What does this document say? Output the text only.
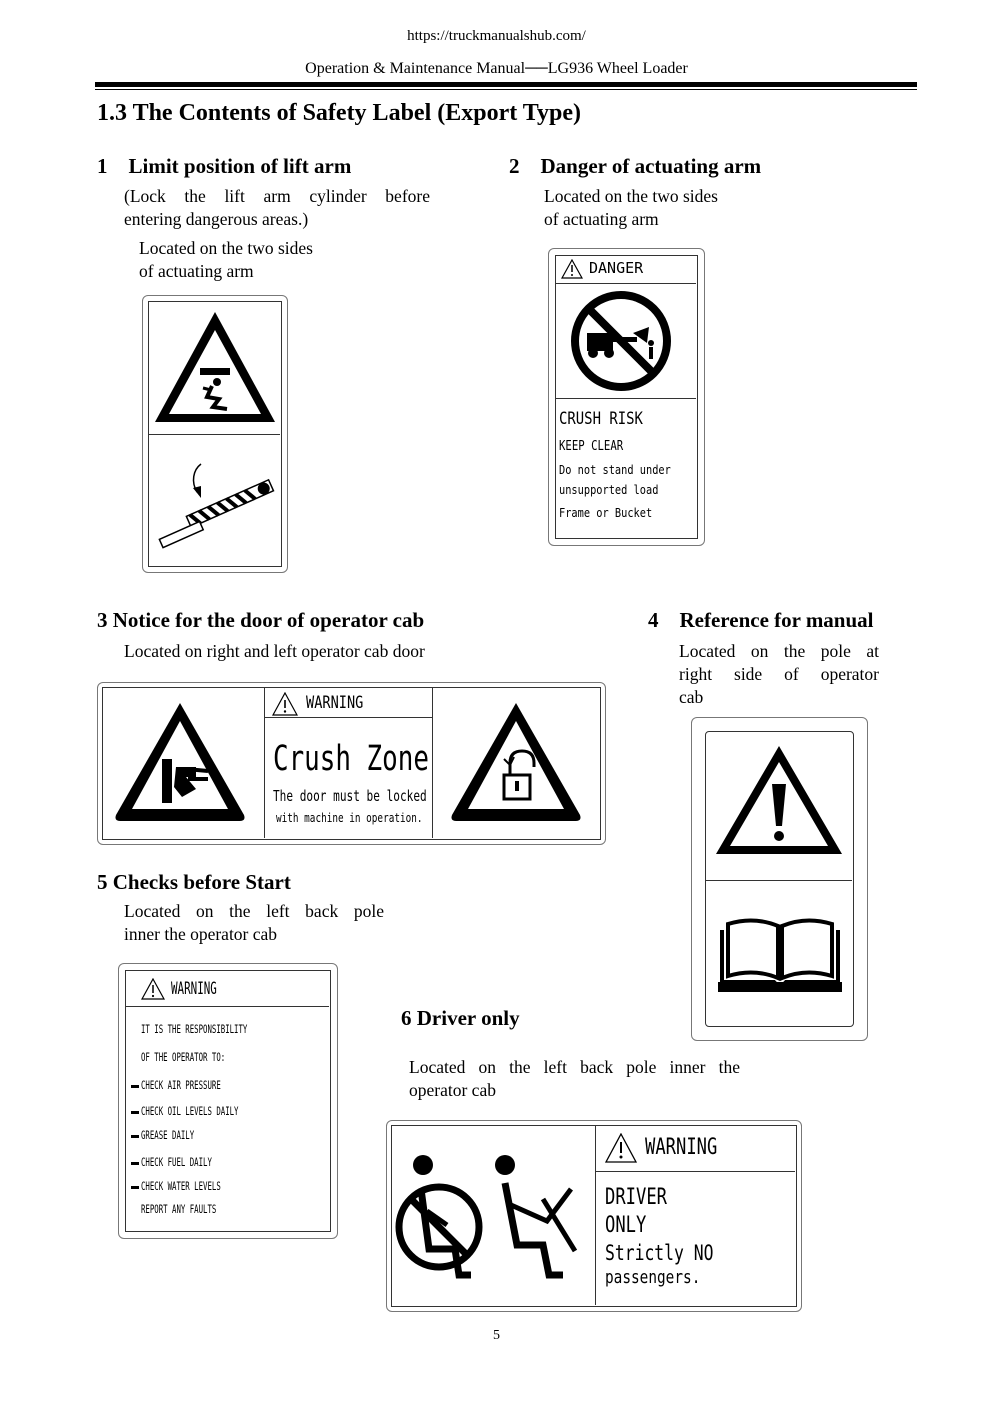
https://truckmanualshub.com/
Operation & Maintenance Manual──LG936 Wheel Loader
1.3 The Contents of Safety Label (Export Type)
1 Limit position of lift arm
(Lock the lift arm cylinder before
entering dangerous areas.)
Located on the two sides
of actuating arm
2 Danger of actuating arm
Located on the two sides
of actuating arm
DANGER
CRUSH RISK
KEEP CLEAR
Do not stand under
unsupported load
Frame or Bucket
3 Notice for the door of operator cab
Located on right and left operator cab door
WARNING
Crush Zone
The door must be locked
with machine in operation.
4 Reference for manual
Located on the pole at
right side of operator
cab
5 Checks before Start
Located on the left back pole
inner the operator cab
WARNING
IT IS THE RESPONSIBILITY
OF THE OPERATOR TO:
CHECK AIR PRESSURE
CHECK OIL LEVELS DAILY
GREASE DAILY
CHECK FUEL DAILY
CHECK WATER LEVELS
REPORT ANY FAULTS
6 Driver only
Located on the left back pole inner the
operator cab
WARNING
DRIVER
ONLY
Strictly NO
passengers.
5
